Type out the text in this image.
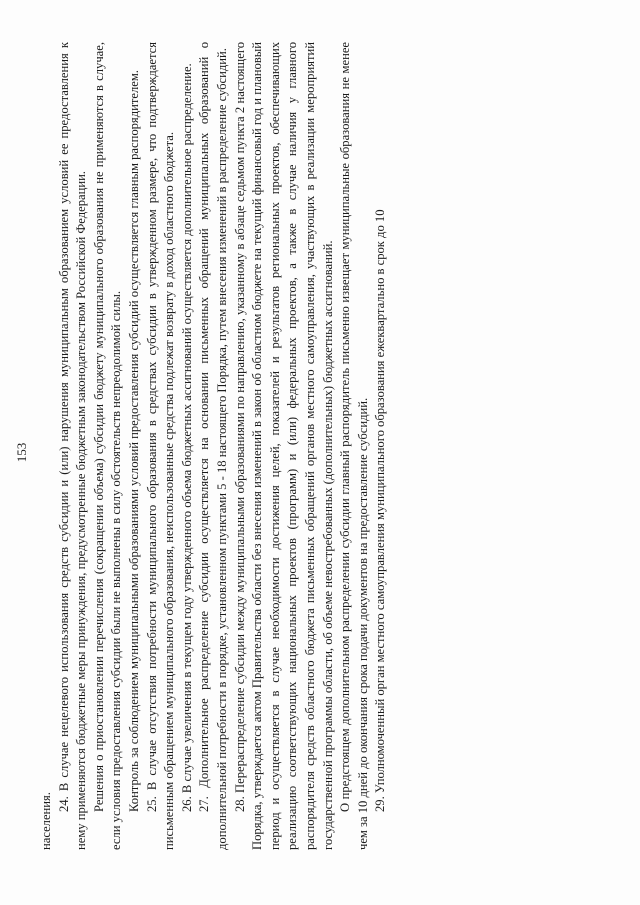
153

населения.

24. В случае нецелевого использования средств субсидии и (или) нарушения муниципальным образованием условий ее предоставления к нему применяются бюджетные меры принуждения, предусмотренные бюджетным законодательством Российской Федерации. Решения о приостановлении перечисления (сокращении объема) субсидии бюджету муниципального образования не применяются в случае, если условия предоставления субсидии были не выполнены в силу обстоятельств непреодолимой силы. Контроль за соблюдением муниципальными образованиями условий предоставления субсидий осуществляется главным распорядителем. 25. В случае отсутствия потребности муниципального образования в средствах субсидии в утвержденном размере, что подтверждается письменным обращением муниципального образования, неиспользованные средства подлежат возврату в доход областного бюджета. 26. В случае увеличения в текущем году утвержденного объема бюджетных ассигнований осуществляется дополнительное распределение. 27. Дополнительное распределение субсидии осуществляется на основании письменных обращений муниципальных образований о дополнительной потребности в порядке, установленном пунктами 5 - 18 настоящего Порядка, путем внесения изменений в распределение субсидий. 28. Перераспределение субсидии между муниципальными образованиями по направлению, указанному в абзаце седьмом пункта 2 настоящего Порядка, утверждается актом Правительства области без внесения изменений в закон об областном бюджете на текущий финансовый год и плановый период и осуществляется в случае необходимости достижения целей, показателей и результатов региональных проектов, обеспечивающих реализацию соответствующих национальных проектов (программ) и (или) федеральных проектов, а также в случае наличия у главного распорядителя средств областного бюджета письменных обращений органов местного самоуправления, участвующих в реализации мероприятий государственной программы области, об объеме невостребованных (дополнительных) бюджетных ассигнований. О предстоящем дополнительном распределении субсидии главный распорядитель письменно извещает муниципальные образования не менее чем за 10 дней до окончания срока подачи документов на предоставление субсидий. 29. Уполномоченный орган местного самоуправления муниципального образования ежеквартально в срок до 10
